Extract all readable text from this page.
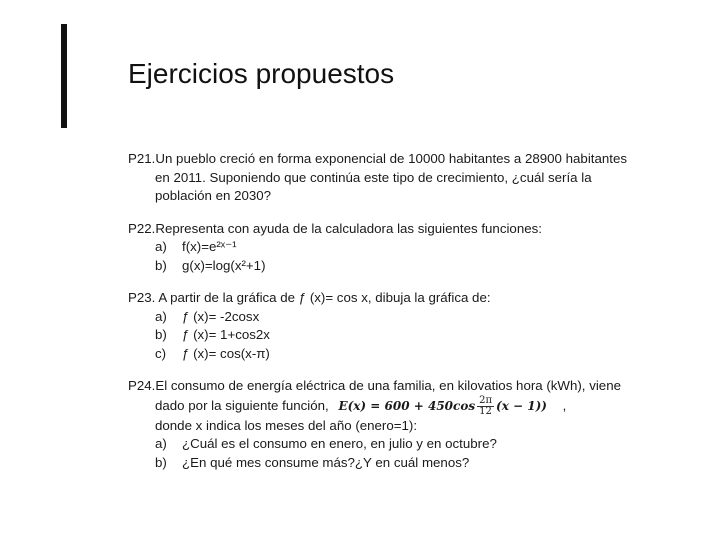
Ejercicios propuestos

P21.Un pueblo creció en forma exponencial de 10000 habitantes a 28900 habitantes

en 2011. Suponiendo que continúa este tipo de crecimiento, ¿cuál sería la

población en 2030?

P22.Representa con ayuda de la calculadora las siguientes funciones:

a) f(x)=e²ˣ⁻¹
b) g(x)=log(x²+1)

P23. A partir de la gráfica de ƒ (x)= cos x, dibuja la gráfica de:

a) ƒ (x)= -2cosx
b) ƒ (x)= 1+cos2x
c) ƒ (x)= cos(x-π)

P24.El consumo de energía eléctrica de una familia, en kilovatios hora (kWh), viene

dado por la siguiente función, $E(x) = 600 + 450\cos \frac{2\pi}{12} (x - 1)$) ,

donde x indica los meses del año (enero=1):

a) ¿Cuál es el consumo en enero, en julio y en octubre?
b) ¿En qué mes consume más?¿Y en cuál menos?
